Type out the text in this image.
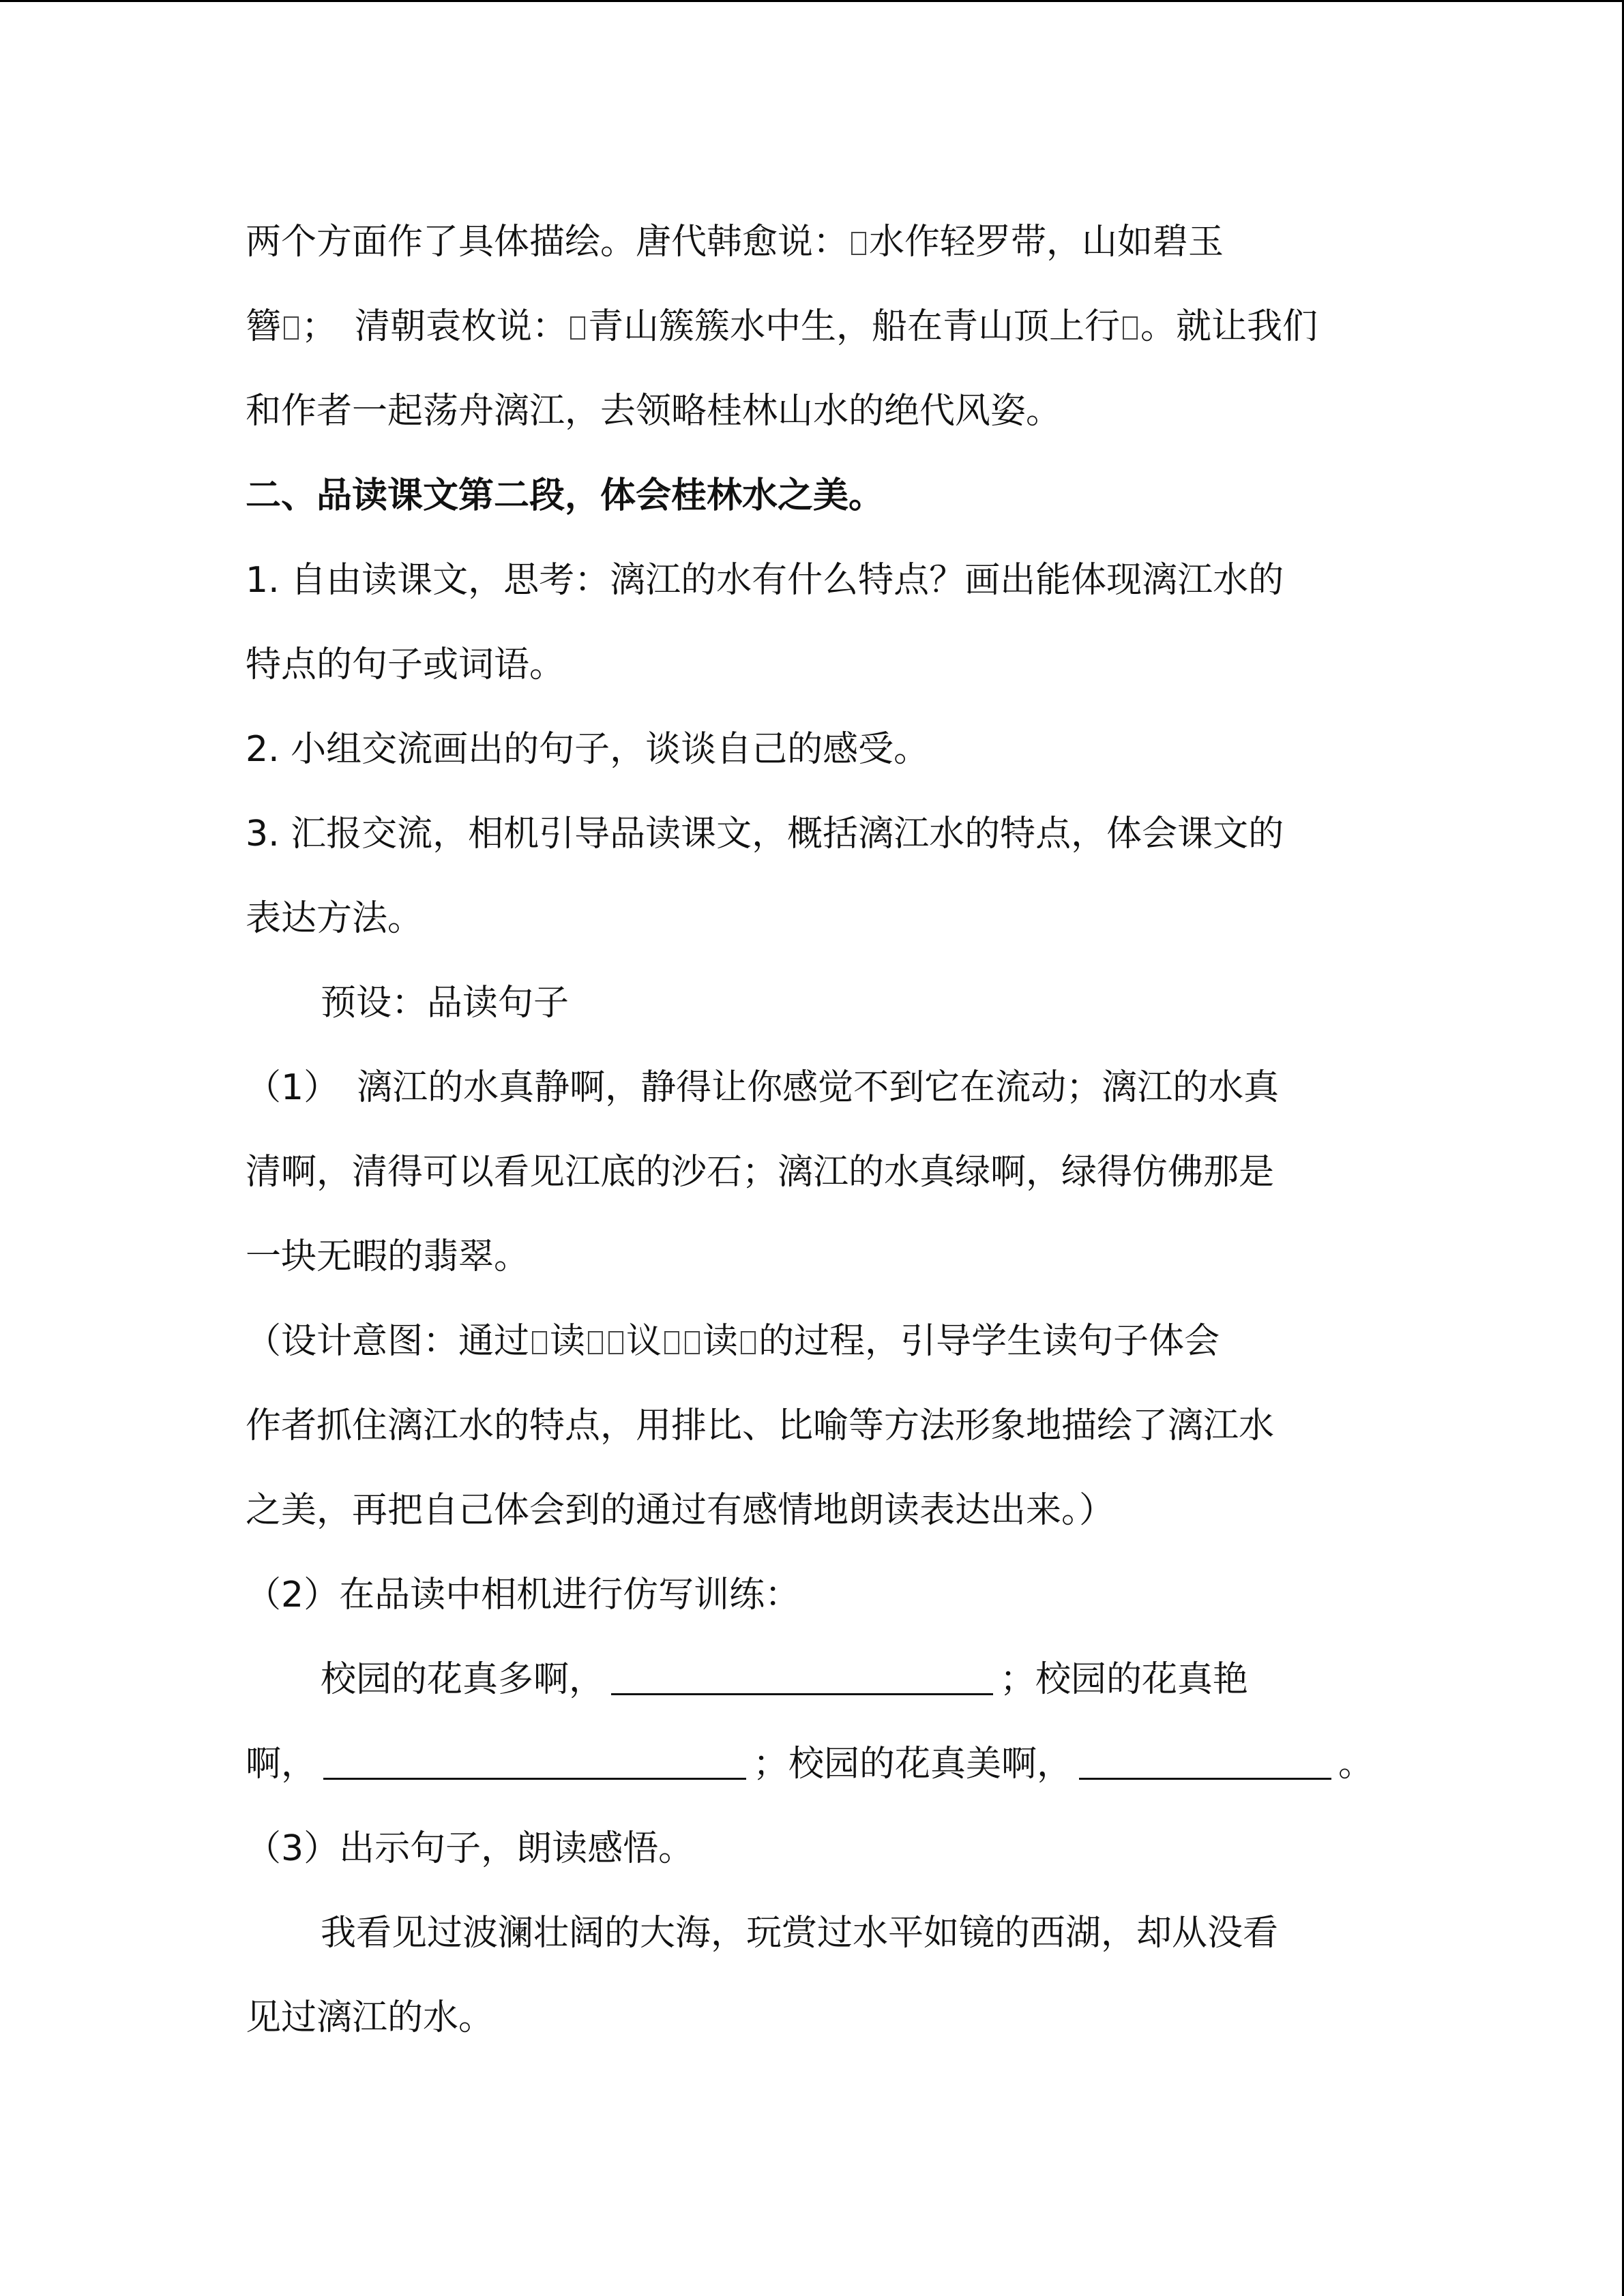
两个方面作了具体描绘。唐代韩愈说： 水作轻罗带，山如碧玉
簪 ；　清朝袁枚说： 青山簇簇水中生，船在青山顶上行 。就让我们
和作者一起荡舟漓江，去领略桂林山水的绝代风姿。
二、品读课文第二段，体会桂林水之美。
1. 自由读课文，思考：漓江的水有什么特点？画出能体现漓江水的
特点的句子或词语。
2. 小组交流画出的句子，谈谈自己的感受。
3. 汇报交流，相机引导品读课文，概括漓江水的特点，体会课文的
表达方法。
预设：品读句子
（1）　漓江的水真静啊，静得让你感觉不到它在流动；漓江的水真
清啊，清得可以看见江底的沙石；漓江的水真绿啊，绿得仿佛那是
一块无暇的翡翠。
（设计意图：通过 读 议 读 的过程，引导学生读句子体会
作者抓住漓江水的特点，用排比、比喻等方法形象地描绘了漓江水
之美，再把自己体会到的通过有感情地朗读表达出来。）
（2）在品读中相机进行仿写训练：
校园的花真多啊，	；校园的花真艳
啊，	；校园的花真美啊，	。
（3）出示句子，朗读感悟。
我看见过波澜壮阔的大海，玩赏过水平如镜的西湖，却从没看
见过漓江的水。
